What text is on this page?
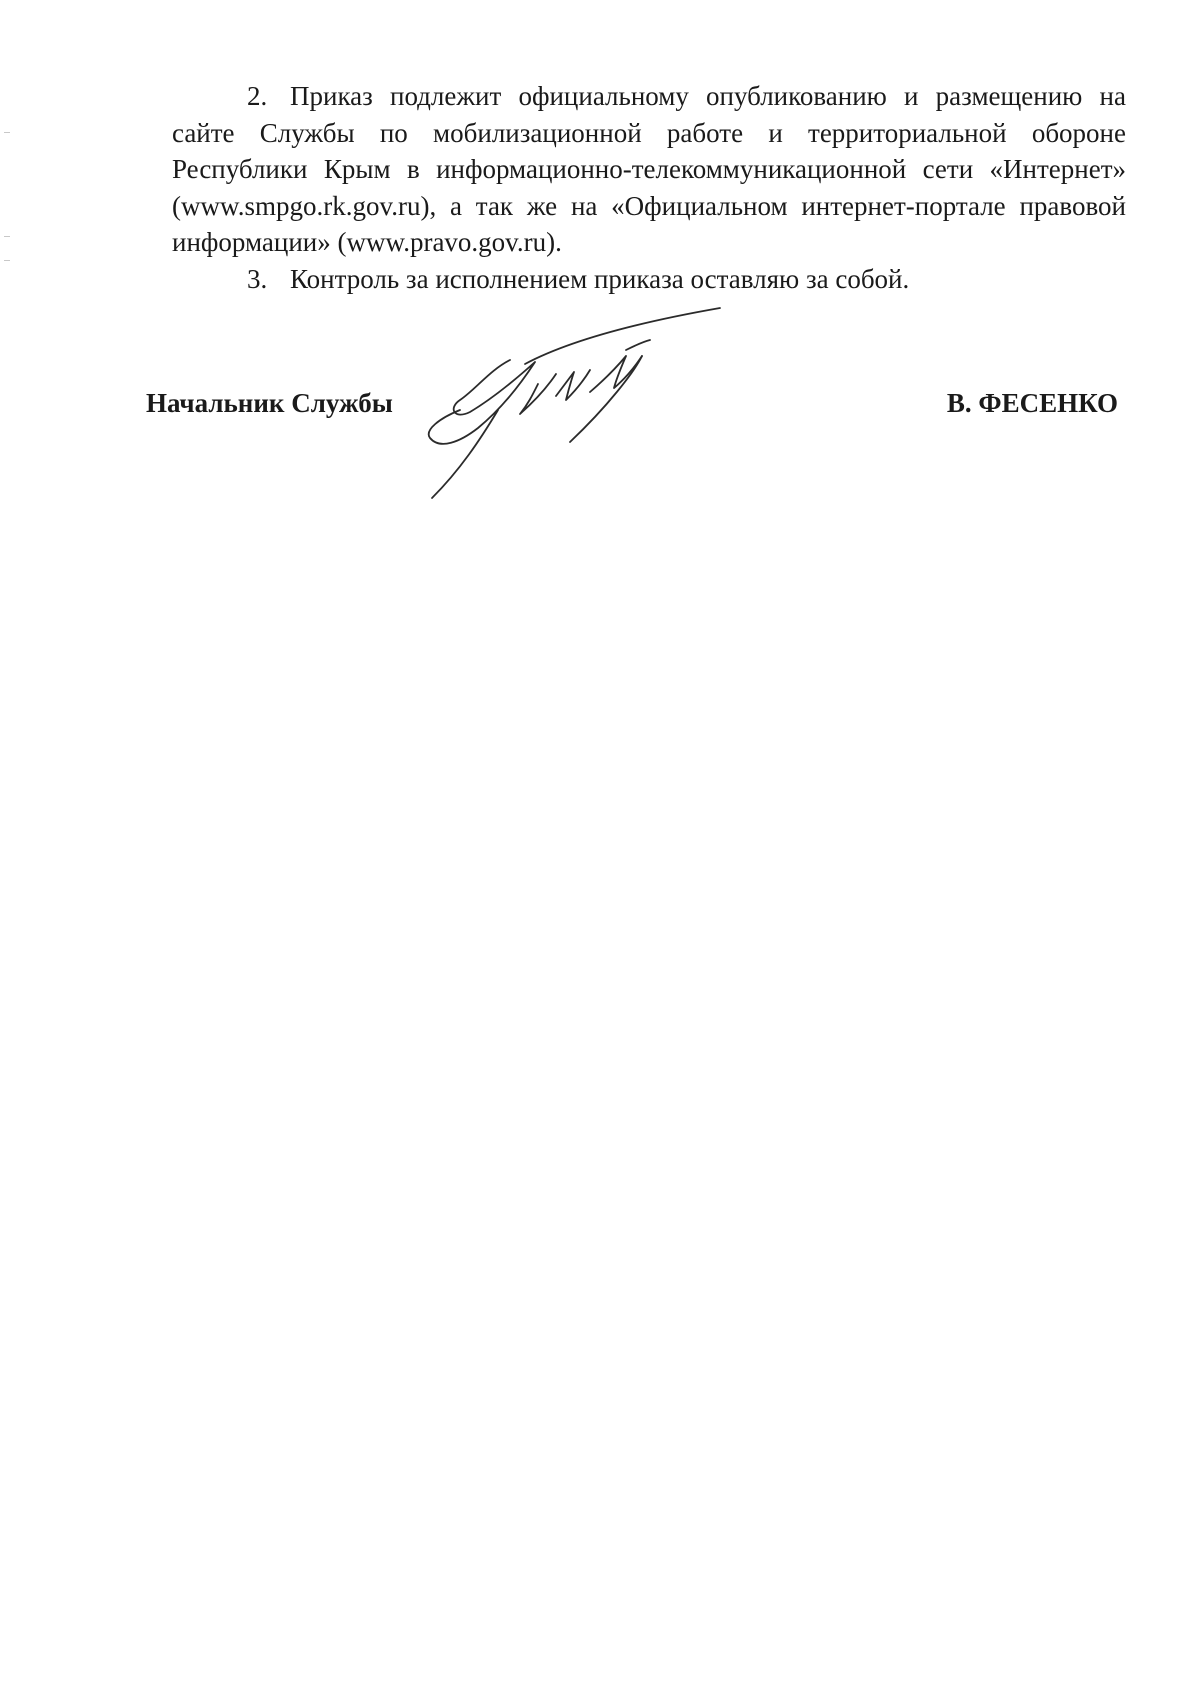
2. Приказ подлежит официальному опубликованию и размещению на сайте Службы по мобилизационной работе и территориальной обороне Республики Крым в информационно-телекоммуникационной сети «Интернет» (www.smpgo.rk.gov.ru), а так же на «Официальном интернет-портале правовой информации» (www.pravo.gov.ru).

3. Контроль за исполнением приказа оставляю за собой.

Начальник Службы	В. ФЕСЕНКО
